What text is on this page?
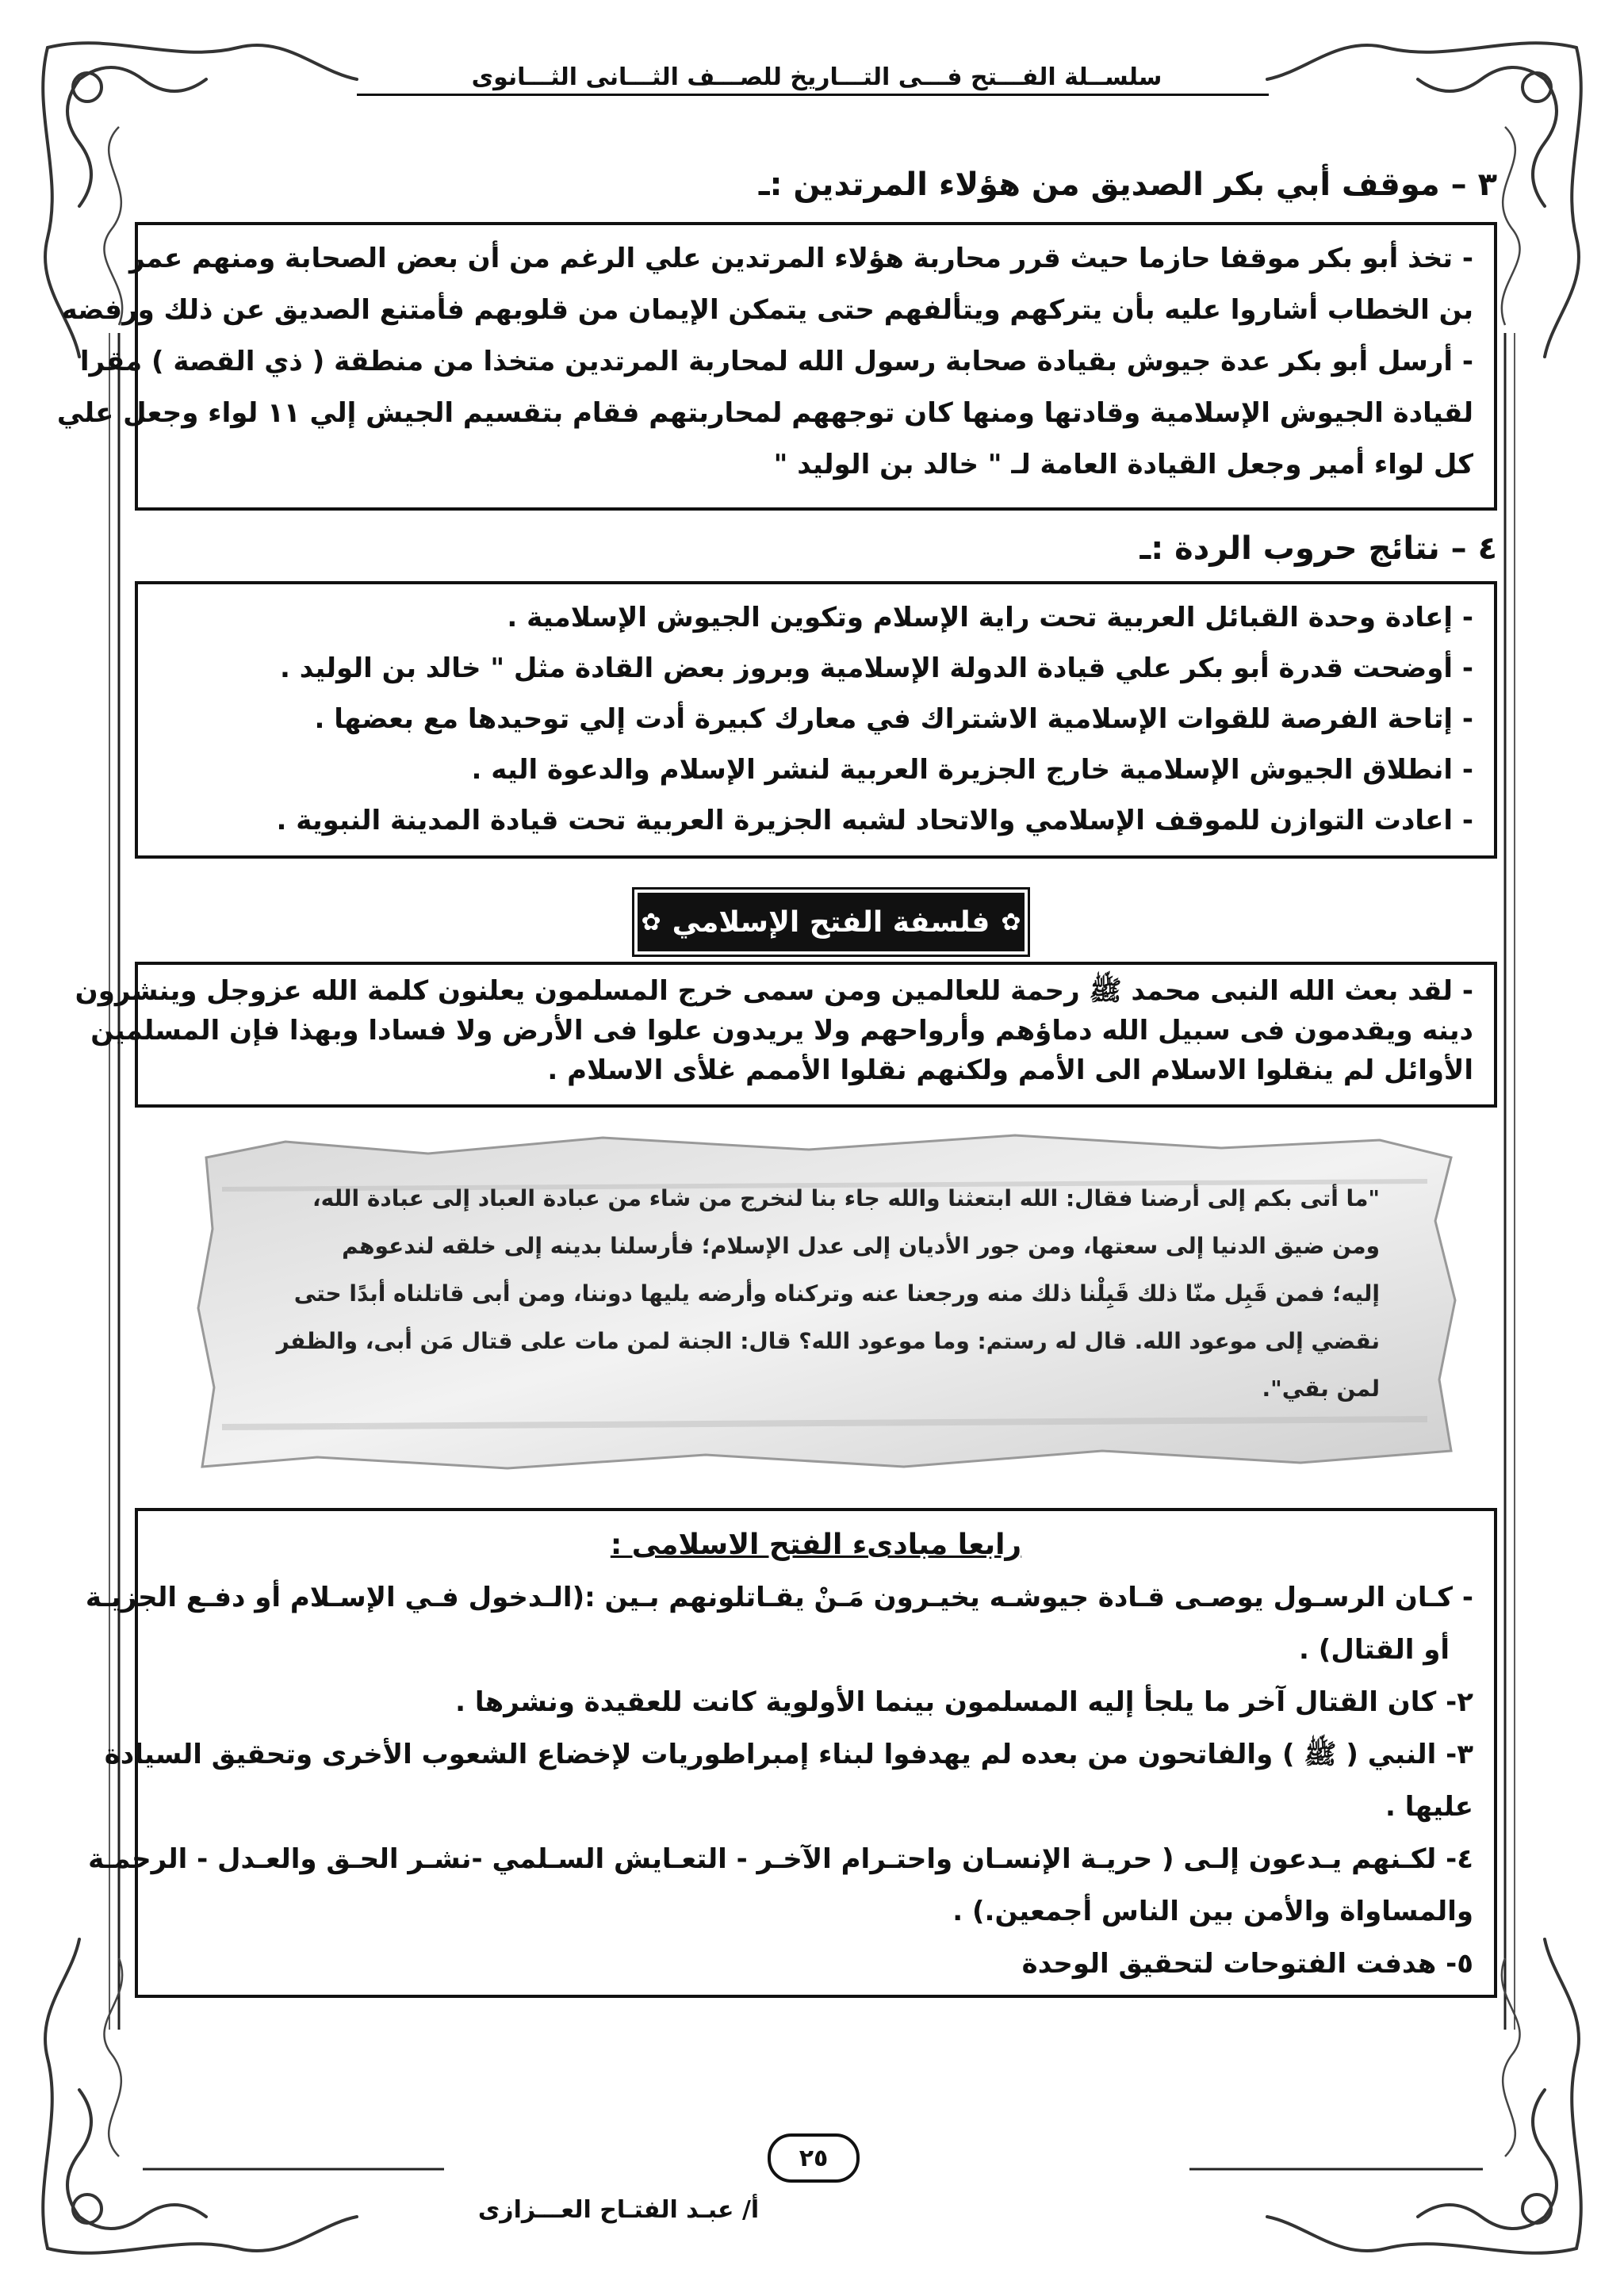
سلســلة الفـــتح فـــى التـــاريخ للصـــف الثـــانى الثـــانوى
٣ – موقف أبي بكر الصديق من هؤلاء المرتدين :ـ
- تخذ أبو بكر موقفا حازما حيث قرر محاربة هؤلاء المرتدين علي الرغم من أن بعض الصحابة ومنهم عمر
بن الخطاب أشاروا عليه بأن يتركهم ويتألفهم حتى يتمكن الإيمان من قلوبهم فأمتنع الصديق عن ذلك ورفضه
- أرسل أبو بكر عدة جيوش بقيادة صحابة رسول الله لمحاربة المرتدين متخذا من منطقة ( ذي القصة ) مقرا
لقيادة الجيوش الإسلامية وقادتها ومنها كان توجههم لمحاربتهم فقام بتقسيم الجيش إلي ١١ لواء وجعل علي
كل لواء أمير وجعل القيادة العامة لـ " خالد بن الوليد "
٤ – نتائج حروب الردة :ـ
- إعادة وحدة القبائل العربية تحت راية الإسلام وتكوين الجيوش الإسلامية .
- أوضحت قدرة أبو بكر علي قيادة الدولة الإسلامية وبروز بعض القادة مثل " خالد بن الوليد .
- إتاحة الفرصة للقوات الإسلامية الاشتراك في معارك كبيرة أدت إلي توحيدها مع بعضها .
- انطلاق الجيوش الإسلامية خارج الجزيرة العربية لنشر الإسلام والدعوة اليه .
- اعادت التوازن للموقف الإسلامي والاتحاد لشبه الجزيرة العربية تحت قيادة المدينة النبوية .
✿
فلسفة الفتح الإسلامي
✿
- لقد بعث الله النبى محمد ﷺ رحمة للعالمين ومن سمى خرج المسلمون يعلنون كلمة الله عزوجل وينشرون
دينه ويقدمون فى سبيل الله دماؤهم وأرواحهم ولا يريدون علوا فى الأرض ولا فسادا وبهذا فإن المسلمين
الأوائل لم ينقلوا الاسلام الى الأمم ولكنهم نقلوا الأممم غلأى الاسلام .
"ما أتى بكم إلى أرضنا فقال: الله ابتعثنا والله جاء بنا لنخرج من شاء من عبادة العباد إلى عبادة الله،
ومن ضيق الدنيا إلى سعتها، ومن جور الأديان إلى عدل الإسلام؛ فأرسلنا بدينه إلى خلقه لندعوهم
إليه؛ فمن قَبِل منّا ذلك قَبِلْنا ذلك منه ورجعنا عنه وتركناه وأرضه يليها دوننا، ومن أبى قاتلناه أبدًا حتى
نقضي إلى موعود الله. قال له رستم: وما موعود الله؟ قال: الجنة لمن مات على قتال مَن أبى، والظفر
لمن بقي".
رابعا مبادىء الفتح الاسلامى :
- كـان الرسـول يوصـى قـادة جيوشـه يخيـرون مَـنْ يقـاتلونهم بـين :(الـدخول فـي الإسـلام أو دفـع الجزيـة
أو القتال) .
٢- كان القتال آخر ما يلجأ إليه المسلمون بينما الأولوية كانت للعقيدة ونشرها .
٣- النبي ( ﷺ ) والفاتحون من بعده لم يهدفوا لبناء إمبراطوريات لإخضاع الشعوب الأخرى وتحقيق السيادة
عليها .
٤- لكـنهم يـدعون إلـى ( حريـة الإنسـان واحتـرام الآخـر - التعـايش السـلمي -نشـر الحـق والعـدل - الرحمـة
والمساواة والأمن بين الناس أجمعين.) .
٥- هدفت الفتوحات لتحقيق الوحدة
٢٥
أ/ عبـد الفتـاح العـــزازى
